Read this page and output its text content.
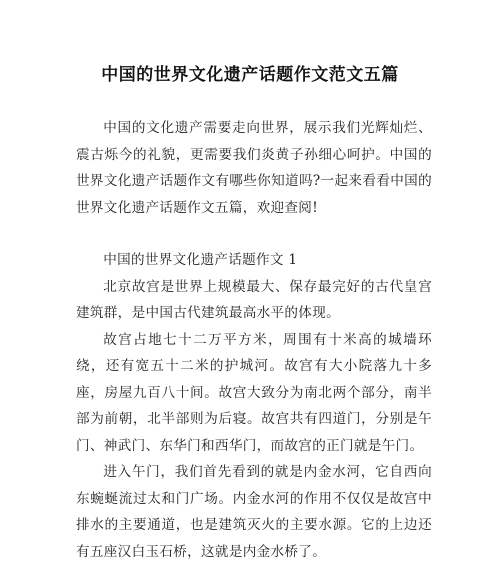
中国的世界文化遗产话题作文范文五篇

中国的文化遗产需要走向世界，展示我们光辉灿烂、震古烁今的礼貌，更需要我们炎黄子孙细心呵护。中国的世界文化遗产话题作文有哪些你知道吗?一起来看看中国的世界文化遗产话题作文五篇，欢迎查阅!

中国的世界文化遗产话题作文 1

北京故宫是世界上规模最大、保存最完好的古代皇宫建筑群，是中国古代建筑最高水平的体现。

故宫占地七十二万平方米，周围有十米高的城墙环绕，还有宽五十二米的护城河。故宫有大小院落九十多座，房屋九百八十间。故宫大致分为南北两个部分，南半部为前朝，北半部则为后寝。故宫共有四道门，分别是午门、神武门、东华门和西华门，而故宫的正门就是午门。

进入午门，我们首先看到的就是内金水河，它自西向东蜿蜒流过太和门广场。内金水河的作用不仅仅是故宫中排水的主要通道，也是建筑灭火的主要水源。它的上边还有五座汉白玉石桥，这就是内金水桥了。
